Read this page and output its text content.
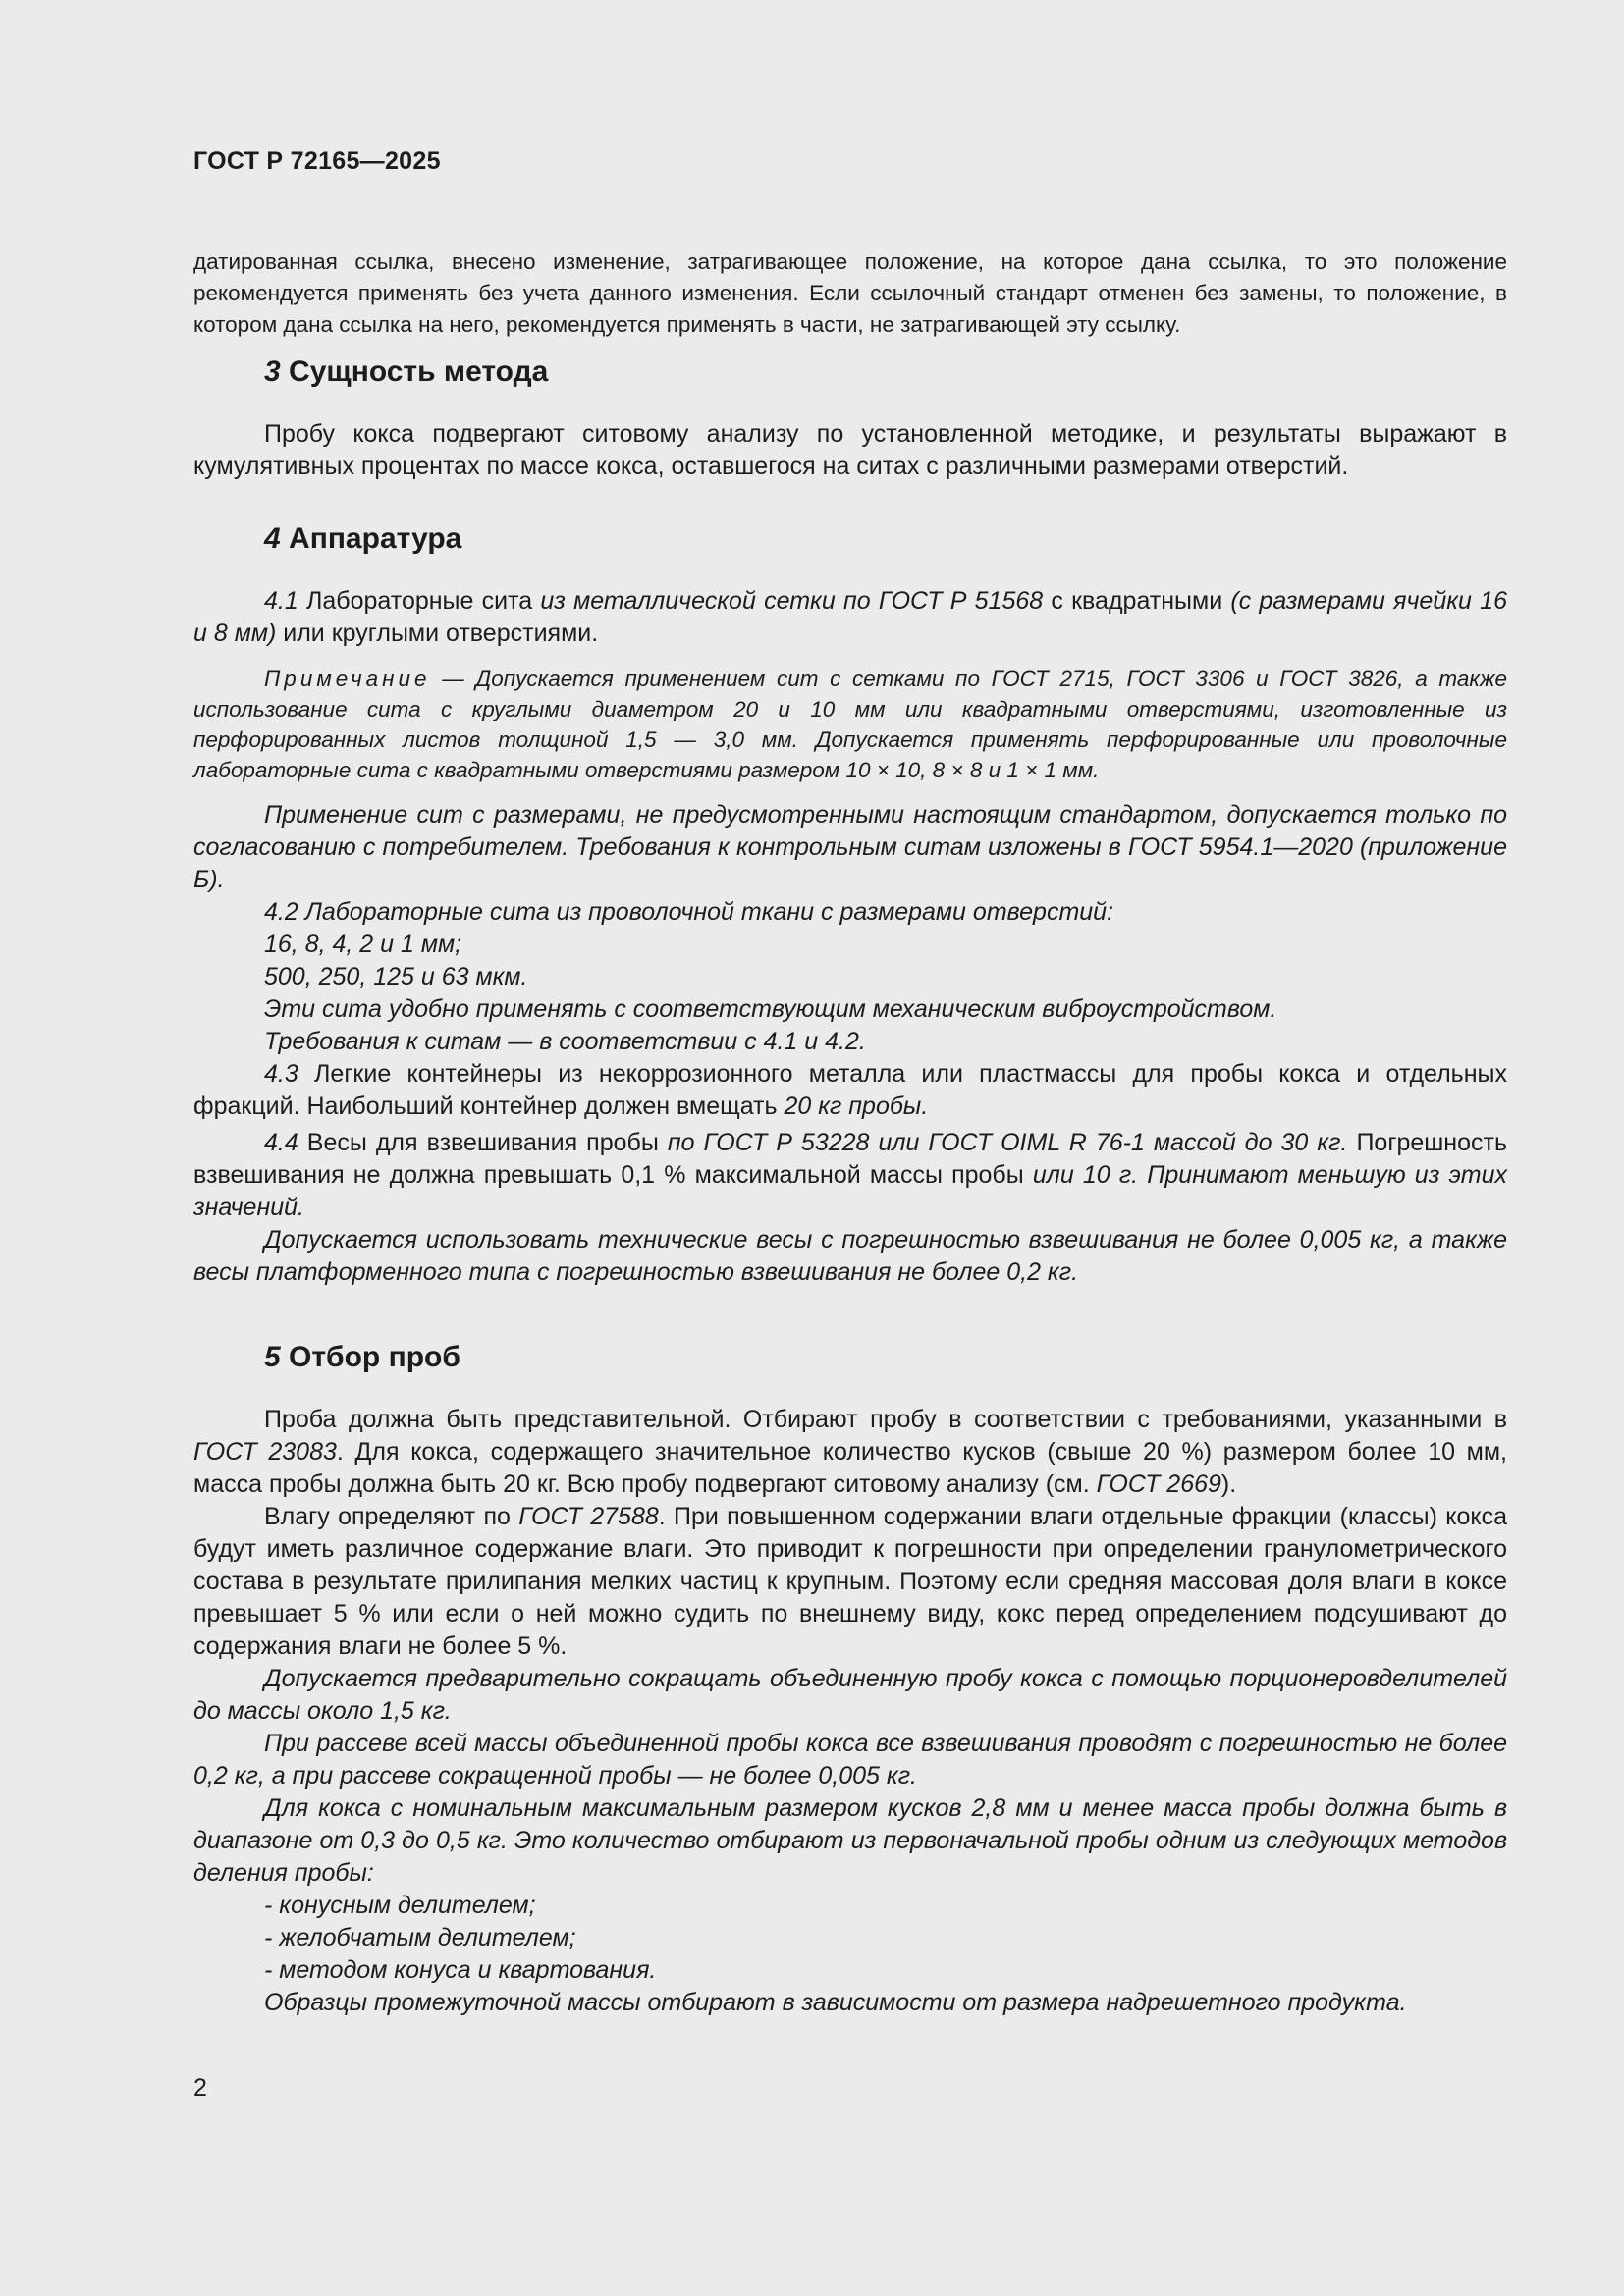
ГОСТ Р 72165—2025

датированная ссылка, внесено изменение, затрагивающее положение, на которое дана ссылка, то это положение рекомендуется применять без учета данного изменения. Если ссылочный стандарт отменен без замены, то положение, в котором дана ссылка на него, рекомендуется применять в части, не затрагивающей эту ссылку.

3 Сущность метода

Пробу кокса подвергают ситовому анализу по установленной методике, и результаты выражают в кумулятивных процентах по массе кокса, оставшегося на ситах с различными размерами отверстий.

4 Аппаратура

4.1 Лабораторные сита из металлической сетки по ГОСТ Р 51568 с квадратными (с размерами ячейки 16 и 8 мм) или круглыми отверстиями.

Примечание — Допускается применением сит с сетками по ГОСТ 2715, ГОСТ 3306 и ГОСТ 3826, а также использование сита с круглыми диаметром 20 и 10 мм или квадратными отверстиями, изготовленные из перфорированных листов толщиной 1,5 — 3,0 мм. Допускается применять перфорированные или проволочные лабораторные сита с квадратными отверстиями размером 10 × 10, 8 × 8 и 1 × 1 мм.

Применение сит с размерами, не предусмотренными настоящим стандартом, допускается только по согласованию с потребителем. Требования к контрольным ситам изложены в ГОСТ 5954.1—2020 (приложение Б).

4.2 Лабораторные сита из проволочной ткани с размерами отверстий:

16, 8, 4, 2 и 1 мм;

500, 250, 125 и 63 мкм.

Эти сита удобно применять с соответствующим механическим виброустройством.

Требования к ситам — в соответствии с 4.1 и 4.2.

4.3 Легкие контейнеры из некоррозионного металла или пластмассы для пробы кокса и отдельных фракций. Наибольший контейнер должен вмещать 20 кг пробы.

4.4 Весы для взвешивания пробы по ГОСТ Р 53228 или ГОСТ OIML R 76-1 массой до 30 кг. Погрешность взвешивания не должна превышать 0,1 % максимальной массы пробы или 10 г. Принимают меньшую из этих значений.

Допускается использовать технические весы с погрешностью взвешивания не более 0,005 кг, а также весы платформенного типа с погрешностью взвешивания не более 0,2 кг.

5 Отбор проб

Проба должна быть представительной. Отбирают пробу в соответствии с требованиями, указанными в ГОСТ 23083. Для кокса, содержащего значительное количество кусков (свыше 20 %) размером более 10 мм, масса пробы должна быть 20 кг. Всю пробу подвергают ситовому анализу (см. ГОСТ 2669).

Влагу определяют по ГОСТ 27588. При повышенном содержании влаги отдельные фракции (классы) кокса будут иметь различное содержание влаги. Это приводит к погрешности при определении гранулометрического состава в результате прилипания мелких частиц к крупным. Поэтому если средняя массовая доля влаги в коксе превышает 5 % или если о ней можно судить по внешнему виду, кокс перед определением подсушивают до содержания влаги не более 5 %.

Допускается предварительно сокращать объединенную пробу кокса с помощью порционеровделителей до массы около 1,5 кг.

При рассеве всей массы объединенной пробы кокса все взвешивания проводят с погрешностью не более 0,2 кг, а при рассеве сокращенной пробы — не более 0,005 кг.

Для кокса с номинальным максимальным размером кусков 2,8 мм и менее масса пробы должна быть в диапазоне от 0,3 до 0,5 кг. Это количество отбирают из первоначальной пробы одним из следующих методов деления пробы:

- конусным делителем;

- желобчатым делителем;

- методом конуса и квартования.

Образцы промежуточной массы отбирают в зависимости от размера надрешетного продукта.

2
